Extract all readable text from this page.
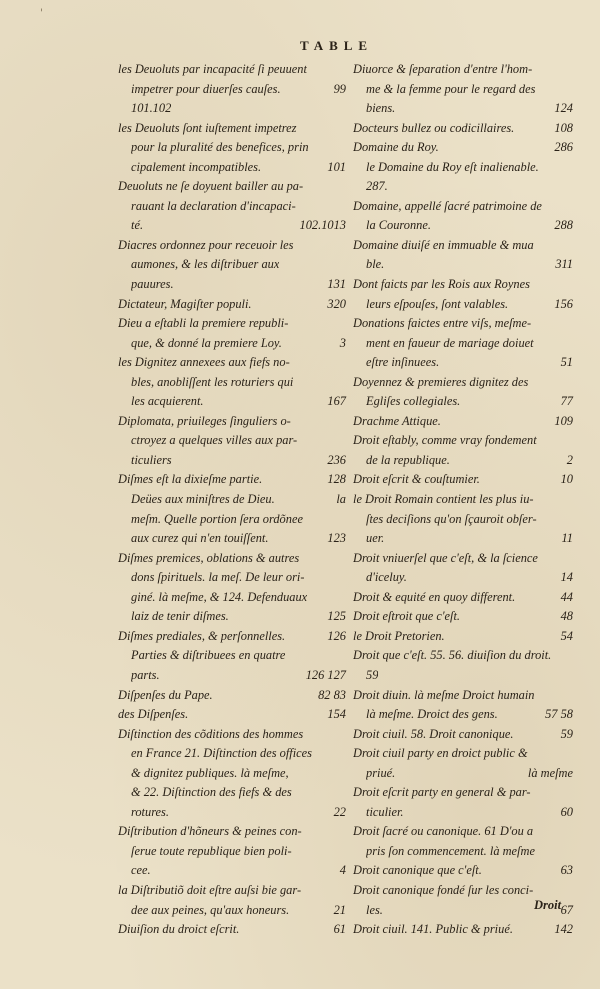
'
TABLE
les Deuoluts par incapacité ſi peuuent
impetrer pour diuerſes cauſes.	99
101.102
les Deuoluts ſont iuſtement impetrez
pour la pluralité des benefices, prin
cipalement incompatibles.	101
Deuoluts ne ſe doyuent bailler au pa-
rauant la declaration d'incapaci-
té.	102.1013
Diacres ordonnez pour receuoir les
aumones, & les diſtribuer aux
pauures.	131
Dictateur, Magiſter populi.	320
Dieu a eſtabli la premiere republi-
que, & donné la premiere Loy.	3
les Dignitez annexees aux fiefs no-
bles, anobliſſent les roturiers qui
les acquierent.	167
Diplomata, priuileges ſinguliers o-
ctroyez a quelques villes aux par-
ticuliers	236
Diſmes eſt la dixieſme partie.	128
Deües aux miniſtres de Dieu.	la
meſm. Quelle portion ſera ordõnee
aux curez qui n'en touiſſent.	123
Diſmes premices, oblations & autres
dons ſpirituels. la meſ. De leur ori-
giné. là meſme, & 124. Defenduaux
laiz de tenir diſmes.	125
Diſmes prediales, & perſonnelles.	126
Parties & diſtribuees en quatre
parts.	126 127
Diſpenſes du Pape.	82 83
des Diſpenſes.	154
Diſtinction des cõditions des hommes
en France 21. Diſtinction des offices
& dignitez publiques. là meſme,
& 22. Diſtinction des fiefs & des
rotures.	22
Diſtribution d'hõneurs & peines con-
ſerue toute republique bien poli-
cee.	4
la Diſtributiõ doit eſtre auſsi bie gar-
dee aux peines, qu'aux honeurs.	21
Diuiſion du droict eſcrit.	61
Diuorce & ſeparation d'entre l'hom-
me & la femme pour le regard des
biens.	124
Docteurs bullez ou codicillaires.	108
Domaine du Roy.	286
le Domaine du Roy eſt inalienable.
287.
Domaine, appellé ſacré patrimoine de
la Couronne.	288
Domaine diuiſé en immuable & mua
ble.	311
Dont faicts par les Rois aux Roynes
leurs eſpouſes, ſont valables.	156
Donations faictes entre viſs, meſme-
ment en faueur de mariage doiuet
eſtre inſinuees.	51
Doyennez & premieres dignitez des
Egliſes collegiales.	77
Drachme Attique.	109
Droit eſtably, comme vray fondement
de la republique.	2
Droit eſcrit & couſtumier.	10
le Droit Romain contient les plus iu-
ſtes deciſions qu'on ſçauroit obſer-
uer.	11
Droit vniuerſel que c'eſt, & la ſcience
d'iceluy.	14
Droit & equité en quoy different.	44
Droit eſtroit que c'eſt.	48
le Droit Pretorien.	54
Droit que c'eſt. 55. 56. diuiſion du droit.
59
Droit diuin. là meſme Droict humain
là meſme. Droict des gens.	57 58
Droit ciuil. 58. Droit canonique.	59
Droit ciuil party en droict public &
priué.	là meſme
Droit eſcrit party en general & par-
ticulier.	60
Droit ſacré ou canonique. 61 D'ou a
pris ſon commencement. là meſme
Droit canonique que c'eſt.	63
Droit canonique fondé ſur les conci-
les.	67
Droit ciuil. 141. Public & priué.	142
Droit
